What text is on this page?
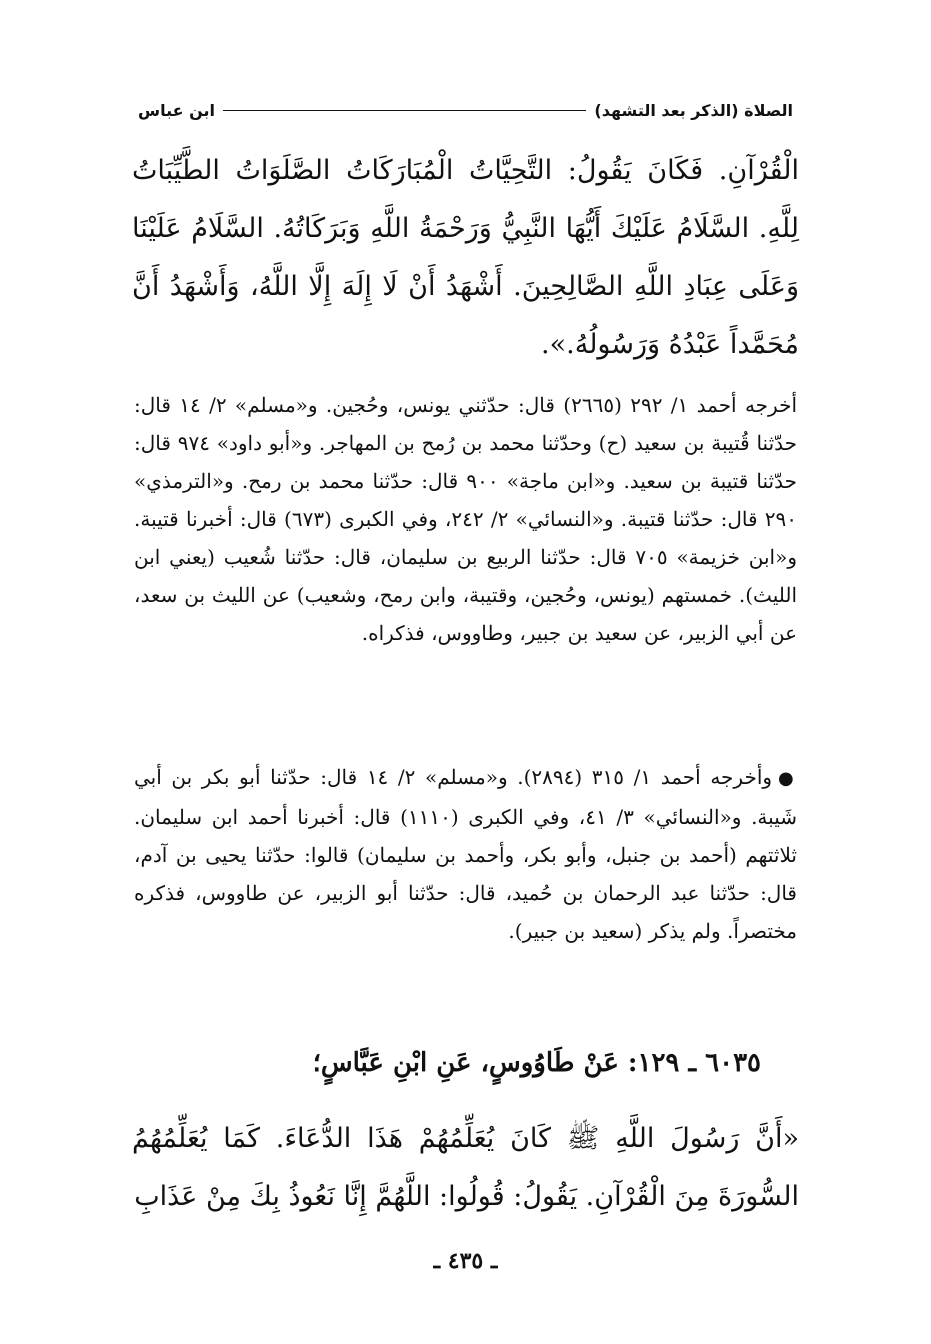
الصلاة (الذكر بعد التشهد)
ابن عباس

الْقُرْآنِ. فَكَانَ يَقُولُ: التَّحِيَّاتُ الْمُبَارَكَاتُ الصَّلَوَاتُ الطَّيِّبَاتُ لِلَّهِ. السَّلَامُ عَلَيْكَ أَيُّهَا النَّبِيُّ وَرَحْمَةُ اللَّهِ وَبَرَكَاتُهُ. السَّلَامُ عَلَيْنَا وَعَلَى عِبَادِ اللَّهِ الصَّالِحِينَ. أَشْهَدُ أَنْ لَا إِلَهَ إِلَّا اللَّهُ، وَأَشْهَدُ أَنَّ مُحَمَّداً عَبْدُهُ وَرَسُولُهُ.».

أخرجه أحمد ١/ ٢٩٢ (٢٦٦٥) قال: حدّثني يونس، وحُجين. و«مسلم» ٢/ ١٤ قال: حدّثنا قُتيبة بن سعيد (ح) وحدّثنا محمد بن رُمح بن المهاجر. و«أبو داود» ٩٧٤ قال: حدّثنا قتيبة بن سعيد. و«ابن ماجة» ٩٠٠ قال: حدّثنا محمد بن رمح. و«الترمذي» ٢٩٠ قال: حدّثنا قتيبة. و«النسائي» ٢/ ٢٤٢، وفي الكبرى (٦٧٣) قال: أخبرنا قتيبة. و«ابن خزيمة» ٧٠٥ قال: حدّثنا الربيع بن سليمان، قال: حدّثنا شُعيب (يعني ابن الليث). خمستهم (يونس، وحُجين، وقتيبة، وابن رمح، وشعيب) عن الليث بن سعد، عن أبي الزبير، عن سعيد بن جبير، وطاووس، فذكراه.

●وأخرجه أحمد ١/ ٣١٥ (٢٨٩٤). و«مسلم» ٢/ ١٤ قال: حدّثنا أبو بكر بن أبي شَيبة. و«النسائي» ٣/ ٤١، وفي الكبرى (١١١٠) قال: أخبرنا أحمد ابن سليمان. ثلاثتهم (أحمد بن جنبل، وأبو بكر، وأحمد بن سليمان) قالوا: حدّثنا يحيى بن آدم، قال: حدّثنا عبد الرحمان بن حُميد، قال: حدّثنا أبو الزبير، عن طاووس، فذكره مختصراً. ولم يذكر (سعيد بن جبير).

٦٠٣٥ ـ ١٢٩: عَنْ طَاوُوسٍ، عَنِ ابْنِ عَبَّاسٍ؛

«أَنَّ رَسُولَ اللَّهِ ﷺ كَانَ يُعَلِّمُهُمْ هَذَا الدُّعَاءَ. كَمَا يُعَلِّمُهُمُ السُّورَةَ مِنَ الْقُرْآنِ. يَقُولُ: قُولُوا: اللَّهُمَّ إِنَّا نَعُوذُ بِكَ مِنْ عَذَابِ

ـ ٤٣٥ ـ
